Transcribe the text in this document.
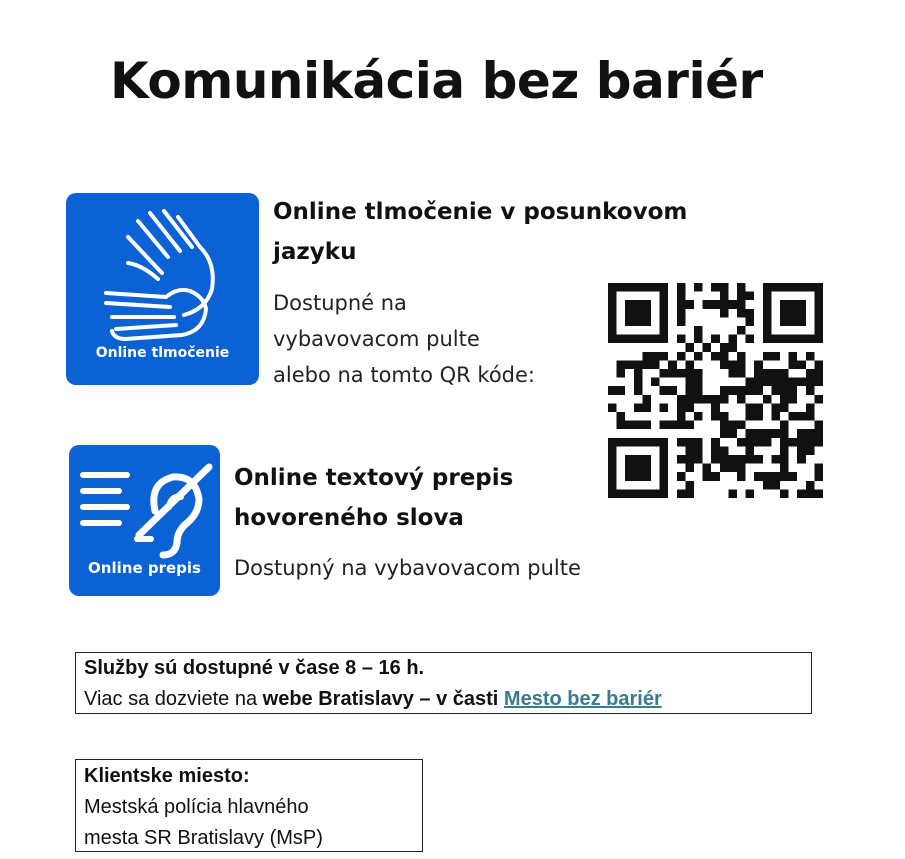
Komunikácia bez bariér
Online tlmočenie
Online tlmočenie v posunkovom
jazyku

Dostupné na
vybavovacom pulte
alebo na tomto QR kóde:

Online prepis
Online textový prepis
hovoreného slova

Dostupný na vybavovacom pulte

Služby sú dostupné v čase 8 – 16 h.
Viac sa dozviete na webe Bratislavy – v časti Mesto bez bariér
Klientske miesto:
Mestská polícia hlavného
mesta SR Bratislavy (MsP)
